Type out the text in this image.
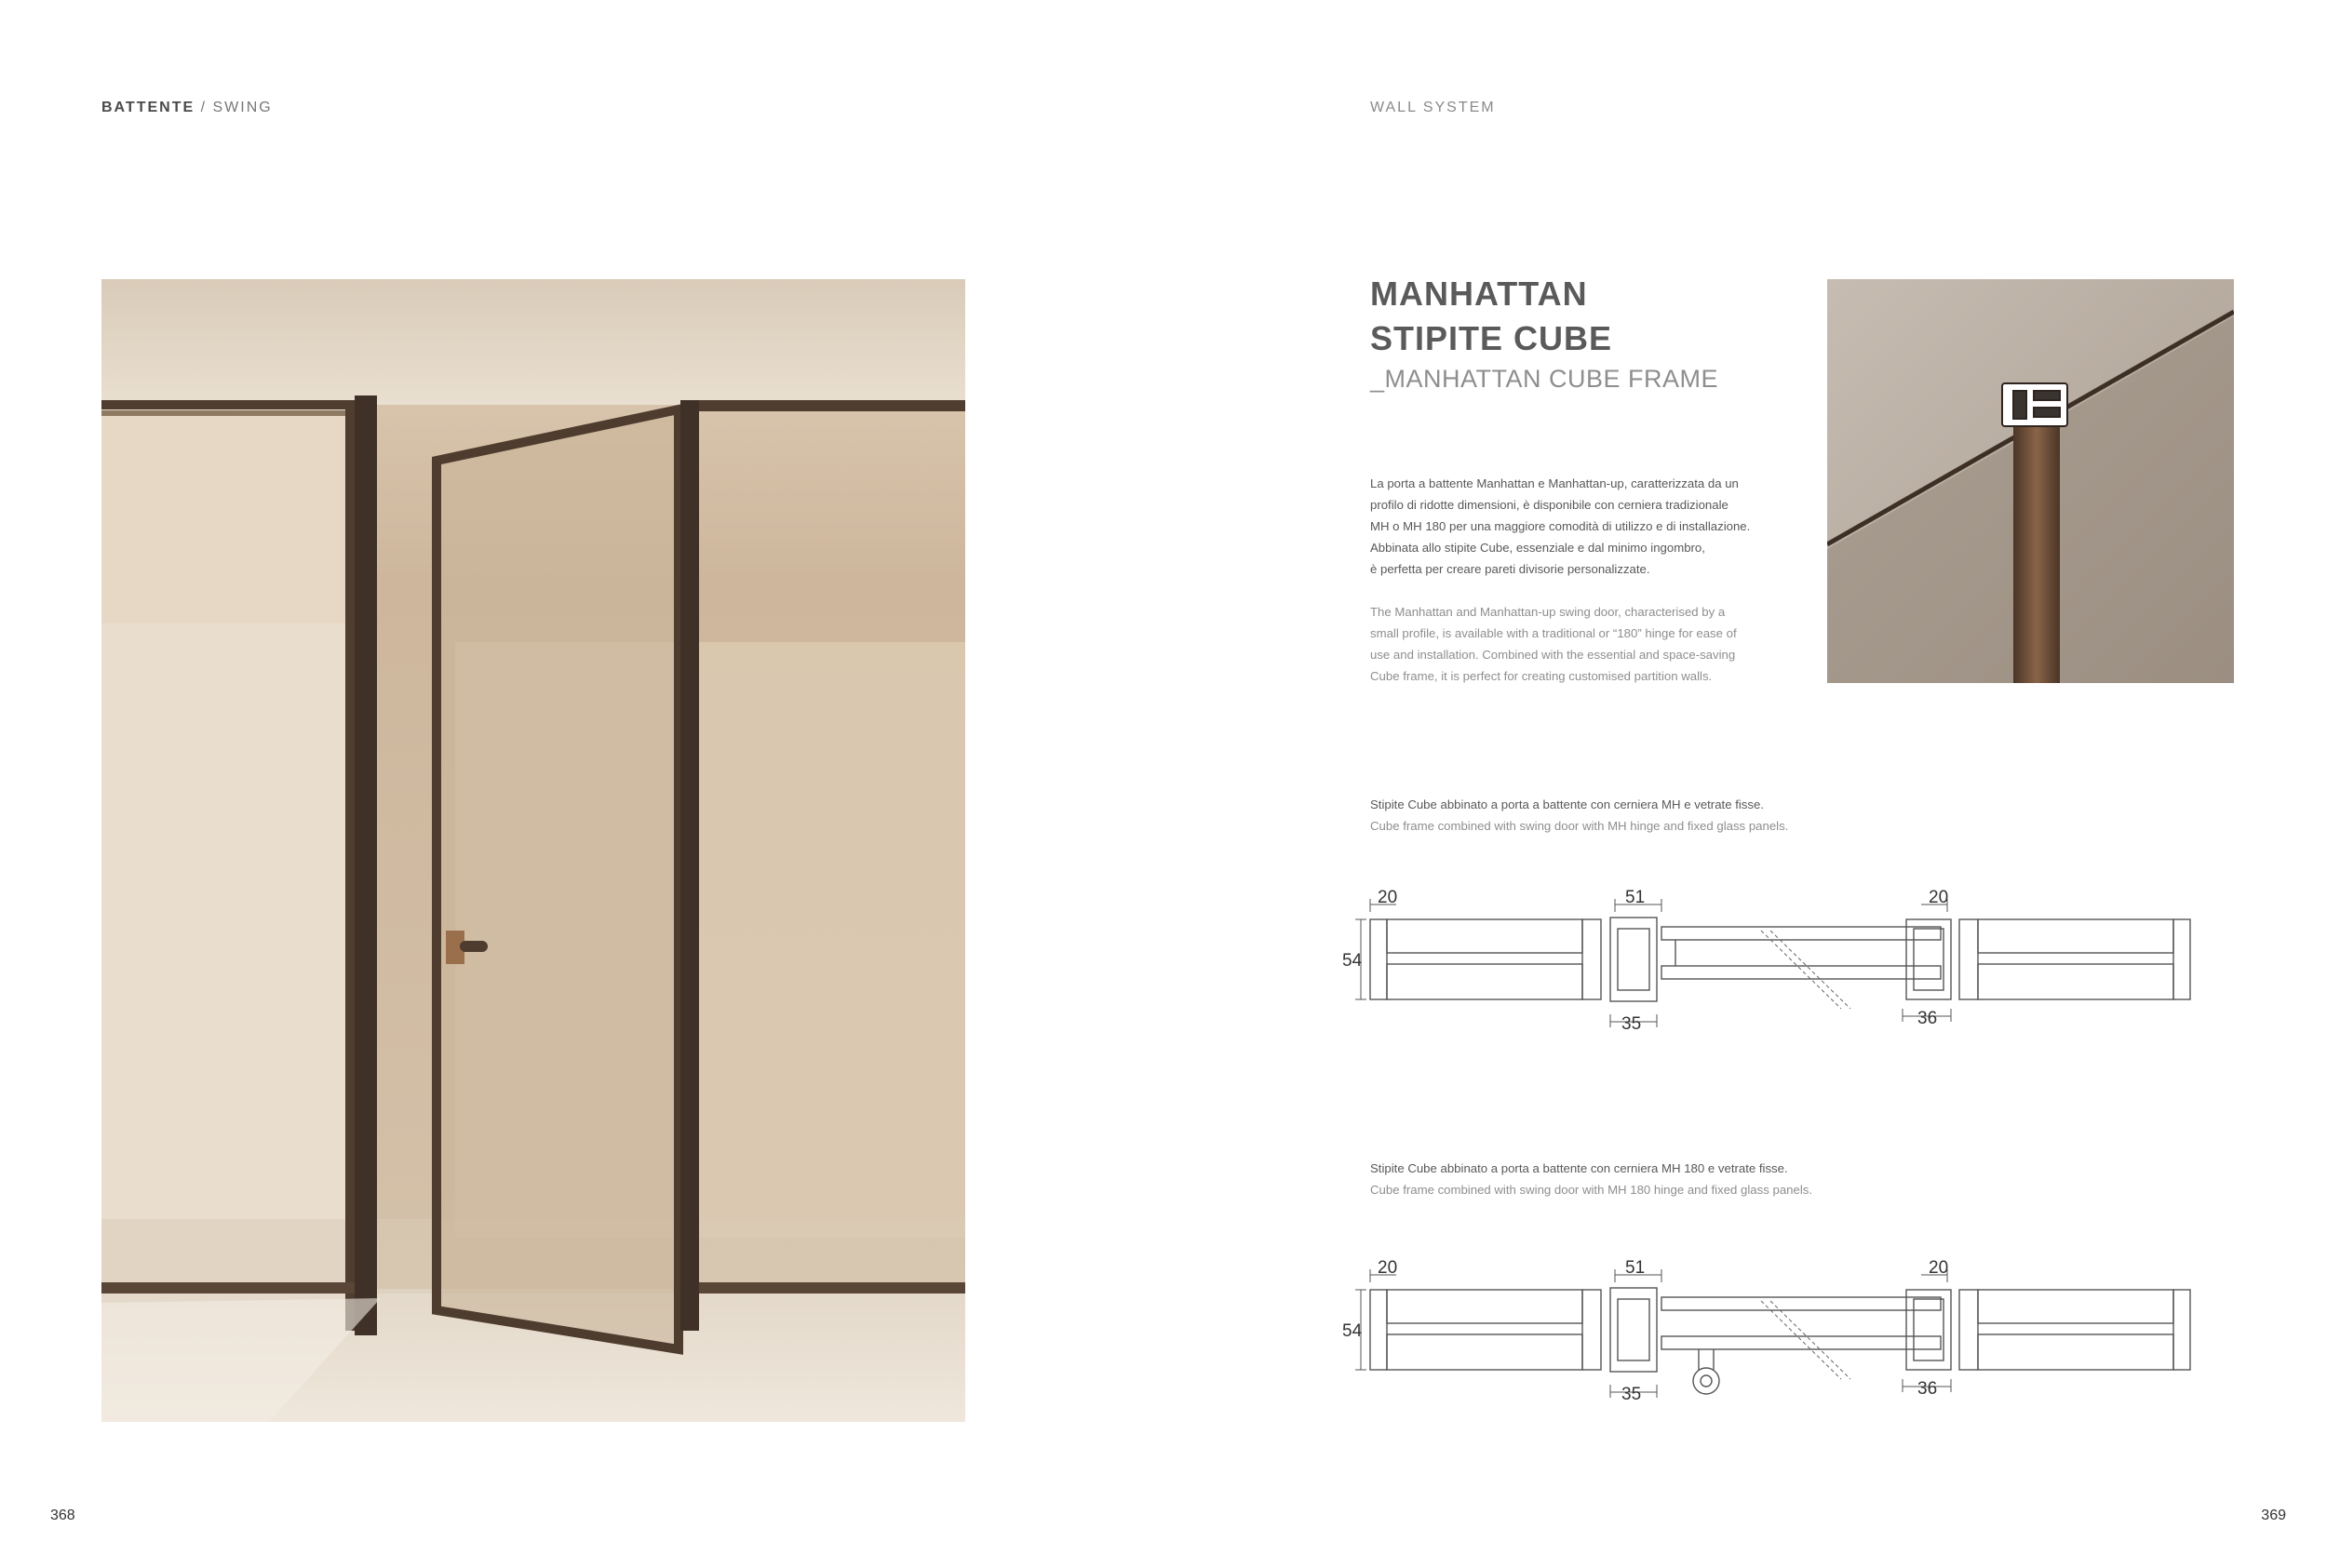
BATTENTE / SWING	WALL SYSTEM
MANHATTAN
STIPITE CUBE
_MANHATTAN CUBE FRAME
La porta a battente Manhattan e Manhattan-up, caratterizzata da un
profilo di ridotte dimensioni, è disponibile con cerniera tradizionale
MH o MH 180 per una maggiore comodità di utilizzo e di installazione.
Abbinata allo stipite Cube, essenziale e dal minimo ingombro,
è perfetta per creare pareti divisorie personalizzate.
The Manhattan and Manhattan-up swing door, characterised by a
small profile, is available with a traditional or “180” hinge for ease of
use and installation. Combined with the essential and space-saving
Cube frame, it is perfect for creating customised partition walls.
Stipite Cube abbinato a porta a battente con cerniera MH e vetrate fisse.
Cube frame combined with swing door with MH hinge and fixed glass panels.
20	51	20
54
35	36
Stipite Cube abbinato a porta a battente con cerniera MH 180 e vetrate fisse.
Cube frame combined with swing door with MH 180 hinge and fixed glass panels.
20	51	20
54
35	36
368	369
